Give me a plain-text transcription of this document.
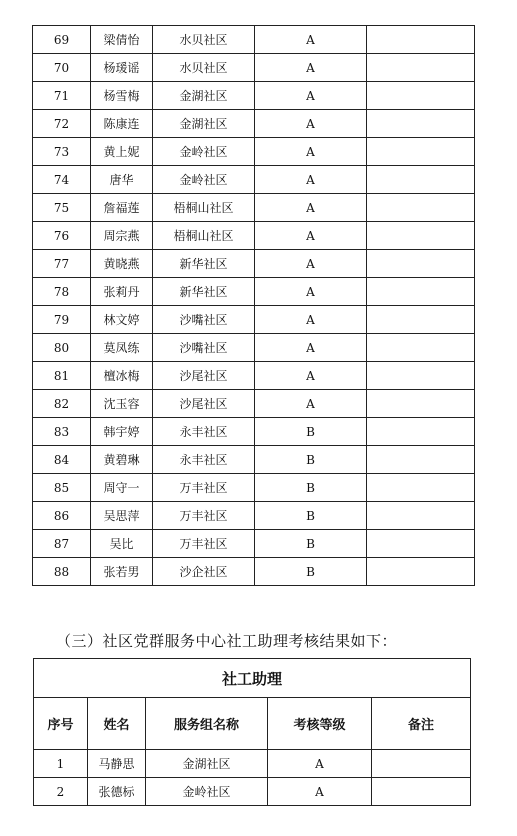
69	梁倩怡	水贝社区	A	
70	杨瑗谣	水贝社区	A	
71	杨雪梅	金湖社区	A	
72	陈康连	金湖社区	A	
73	黄上妮	金岭社区	A	
74	唐华	金岭社区	A	
75	詹福莲	梧桐山社区	A	
76	周宗燕	梧桐山社区	A	
77	黄晓燕	新华社区	A	
78	张莉丹	新华社区	A	
79	林文婷	沙嘴社区	A	
80	莫凤练	沙嘴社区	A	
81	檀冰梅	沙尾社区	A	
82	沈玉容	沙尾社区	A	
83	韩宇婷	永丰社区	B	
84	黄碧琳	永丰社区	B	
85	周守一	万丰社区	B	
86	吴思萍	万丰社区	B	
87	吴比	万丰社区	B	
88	张若男	沙企社区	B	
（三）社区党群服务中心社工助理考核结果如下：
社工助理				
序号	姓名	服务组名称	考核等级	备注
1	马静思	金湖社区	A	
2	张德标	金岭社区	A	
